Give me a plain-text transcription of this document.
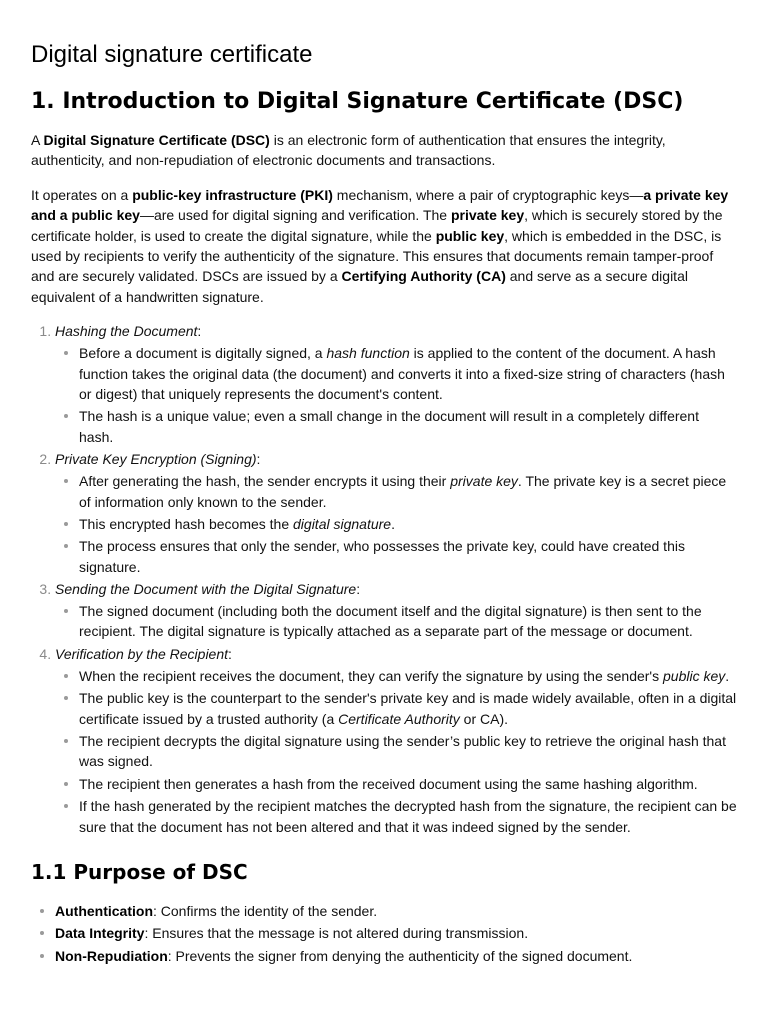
Digital signature certificate
1. Introduction to Digital Signature Certificate (DSC)

A Digital Signature Certificate (DSC) is an electronic form of authentication that ensures the integrity, authenticity, and non-repudiation of electronic documents and transactions.

It operates on a public-key infrastructure (PKI) mechanism, where a pair of cryptographic keys—a private key and a public key—are used for digital signing and verification. The private key, which is securely stored by the certificate holder, is used to create the digital signature, while the public key, which is embedded in the DSC, is used by recipients to verify the authenticity of the signature. This ensures that documents remain tamper-proof and are securely validated. DSCs are issued by a Certifying Authority (CA) and serve as a secure digital equivalent of a handwritten signature.

1. Hashing the Document:
Before a document is digitally signed, a hash function is applied to the content of the document. A hash function takes the original data (the document) and converts it into a fixed-size string of characters (hash or digest) that uniquely represents the document's content.
The hash is a unique value; even a small change in the document will result in a completely different hash.
2. Private Key Encryption (Signing):
After generating the hash, the sender encrypts it using their private key. The private key is a secret piece of information only known to the sender.
This encrypted hash becomes the digital signature.
The process ensures that only the sender, who possesses the private key, could have created this signature.
3. Sending the Document with the Digital Signature:
The signed document (including both the document itself and the digital signature) is then sent to the recipient. The digital signature is typically attached as a separate part of the message or document.
4. Verification by the Recipient:
When the recipient receives the document, they can verify the signature by using the sender's public key.
The public key is the counterpart to the sender's private key and is made widely available, often in a digital certificate issued by a trusted authority (a Certificate Authority or CA).
The recipient decrypts the digital signature using the sender’s public key to retrieve the original hash that was signed.
The recipient then generates a hash from the received document using the same hashing algorithm.
If the hash generated by the recipient matches the decrypted hash from the signature, the recipient can be sure that the document has not been altered and that it was indeed signed by the sender.
1.1 Purpose of DSC
Authentication: Confirms the identity of the sender.
Data Integrity: Ensures that the message is not altered during transmission.
Non-Repudiation: Prevents the signer from denying the authenticity of the signed document.
